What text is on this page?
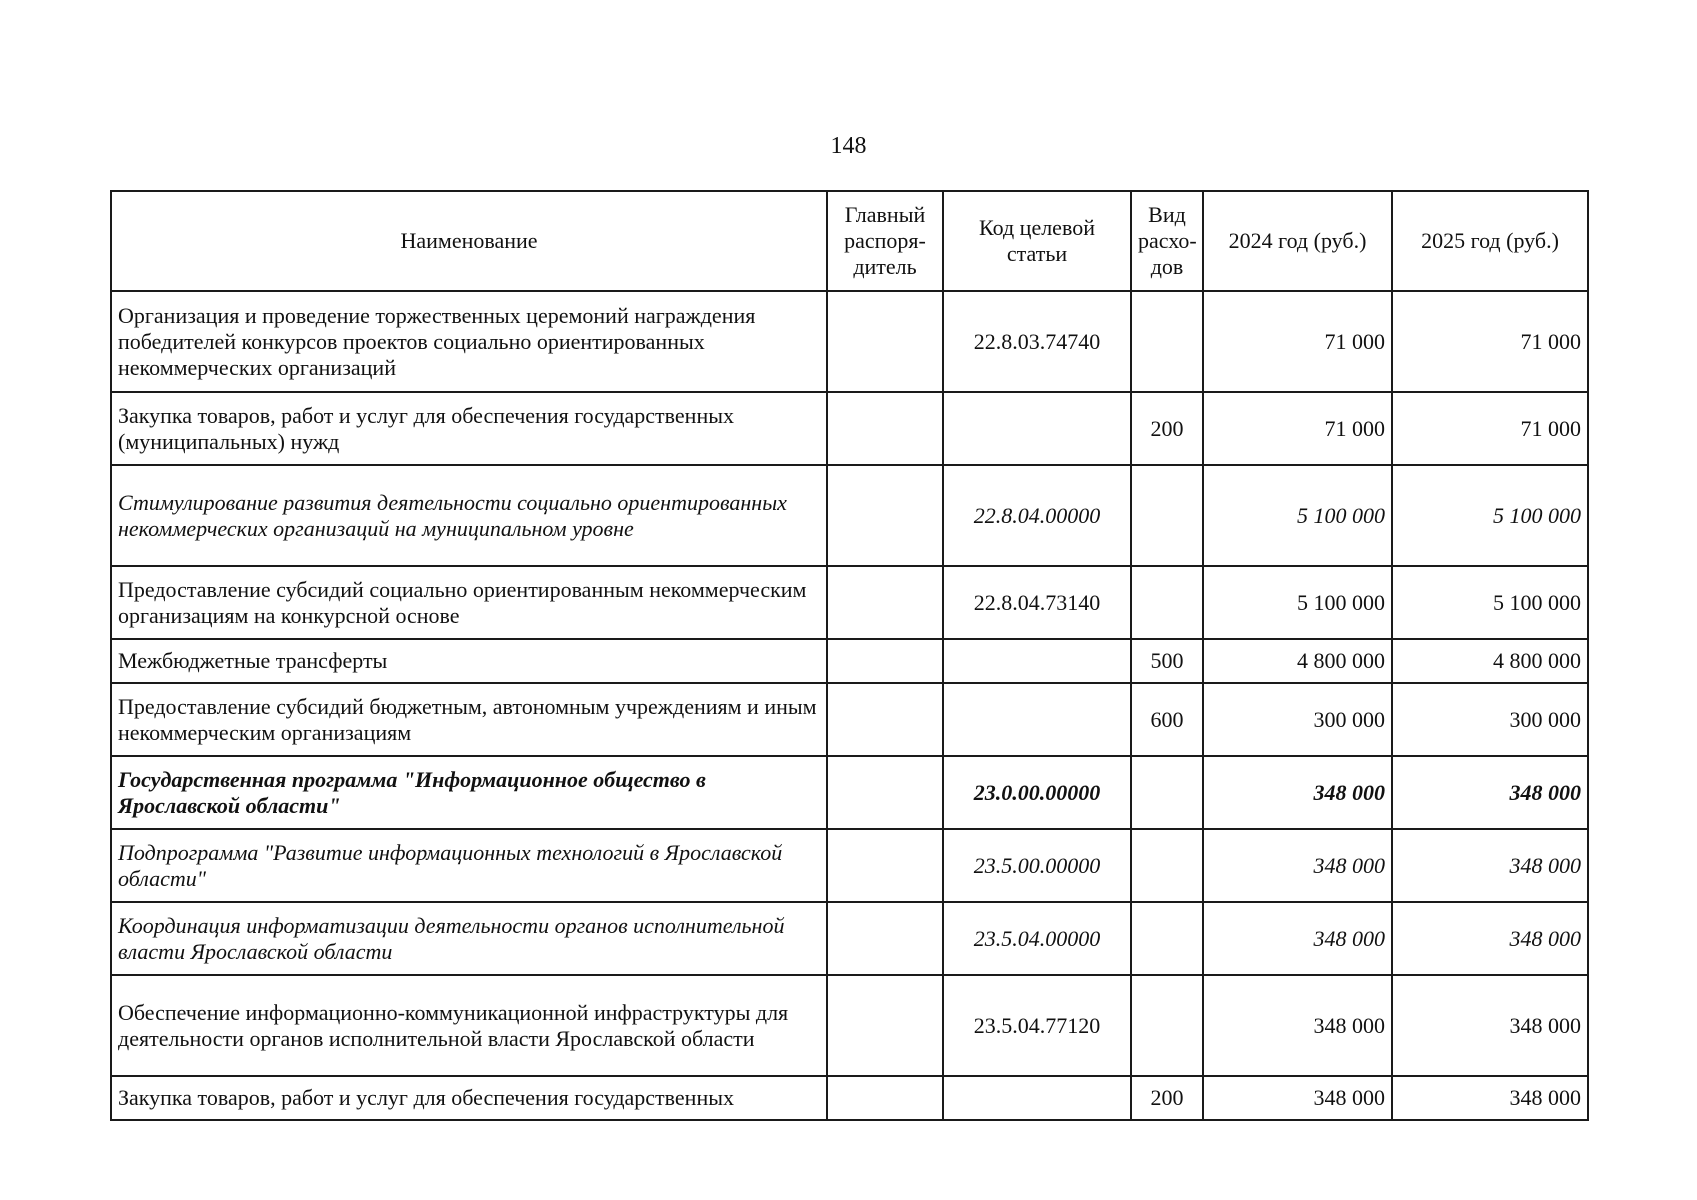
148
Наименование	Главный распоря-дитель	Код целевой статьи	Вид расхо-дов	2024 год (руб.)	2025 год (руб.)
Организация и проведение торжественных церемоний награждения победителей конкурсов проектов социально ориентированных некоммерческих организаций		22.8.03.74740		71 000	71 000
Закупка товаров, работ и услуг для обеспечения государственных (муниципальных) нужд			200	71 000	71 000
Стимулирование развития деятельности социально ориентированных некоммерческих организаций на муниципальном уровне		22.8.04.00000		5 100 000	5 100 000
Предоставление субсидий социально ориентированным некоммерческим организациям на конкурсной основе		22.8.04.73140		5 100 000	5 100 000
Межбюджетные трансферты			500	4 800 000	4 800 000
Предоставление субсидий бюджетным, автономным учреждениям и иным некоммерческим организациям			600	300 000	300 000
Государственная программа "Информационное общество в Ярославской области"		23.0.00.00000		348 000	348 000
Подпрограмма "Развитие информационных технологий в Ярославской области"		23.5.00.00000		348 000	348 000
Координация информатизации деятельности органов исполнительной власти Ярославской области		23.5.04.00000		348 000	348 000
Обеспечение информационно-коммуникационной инфраструктуры для деятельности органов исполнительной власти Ярославской области		23.5.04.77120		348 000	348 000
Закупка товаров, работ и услуг для обеспечения государственных			200	348 000	348 000
